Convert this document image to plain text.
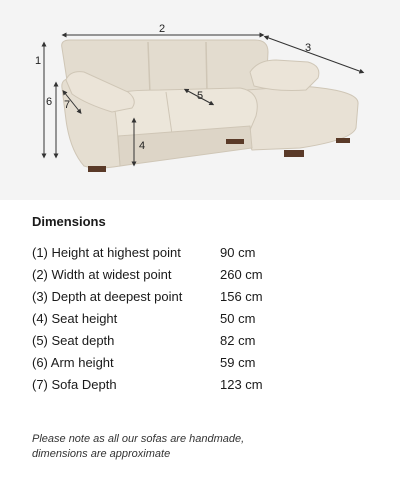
1
2
3
4
5
6 7
Dimensions
(1) Height at highest point	90 cm
(2) Width at widest point	260 cm
(3) Depth at deepest point	156 cm
(4) Seat height	50 cm
(5) Seat depth	82 cm
(6) Arm height	59 cm
(7) Sofa Depth	123 cm
Please note as all our sofas are handmade,
dimensions are approximate
